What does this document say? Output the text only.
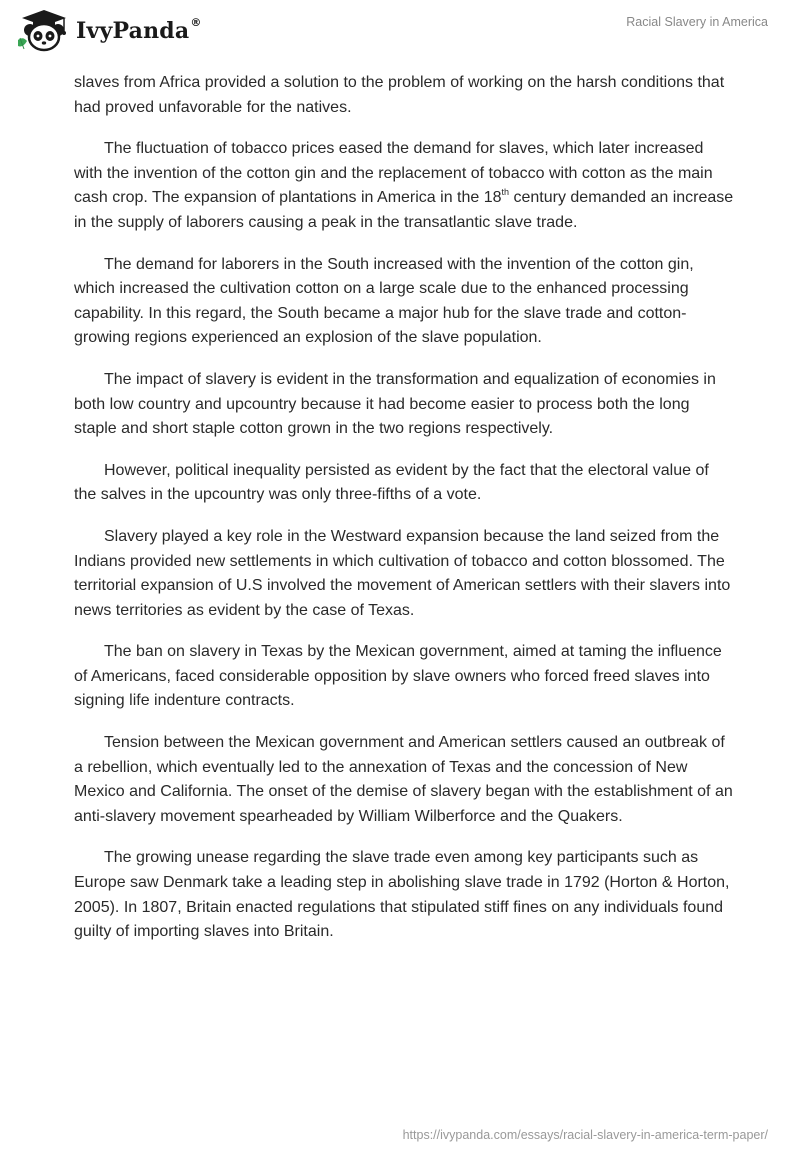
IvyPanda®	Racial Slavery in America

slaves from Africa provided a solution to the problem of working on the harsh conditions that had proved unfavorable for the natives.

The fluctuation of tobacco prices eased the demand for slaves, which later increased with the invention of the cotton gin and the replacement of tobacco with cotton as the main cash crop. The expansion of plantations in America in the 18th century demanded an increase in the supply of laborers causing a peak in the transatlantic slave trade.

The demand for laborers in the South increased with the invention of the cotton gin, which increased the cultivation cotton on a large scale due to the enhanced processing capability. In this regard, the South became a major hub for the slave trade and cotton-growing regions experienced an explosion of the slave population.

The impact of slavery is evident in the transformation and equalization of economies in both low country and upcountry because it had become easier to process both the long staple and short staple cotton grown in the two regions respectively.

However, political inequality persisted as evident by the fact that the electoral value of the salves in the upcountry was only three-fifths of a vote.

Slavery played a key role in the Westward expansion because the land seized from the Indians provided new settlements in which cultivation of tobacco and cotton blossomed. The territorial expansion of U.S involved the movement of American settlers with their slavers into news territories as evident by the case of Texas.

The ban on slavery in Texas by the Mexican government, aimed at taming the influence of Americans, faced considerable opposition by slave owners who forced freed slaves into signing life indenture contracts.

Tension between the Mexican government and American settlers caused an outbreak of a rebellion, which eventually led to the annexation of Texas and the concession of New Mexico and California. The onset of the demise of slavery began with the establishment of an anti-slavery movement spearheaded by William Wilberforce and the Quakers.

The growing unease regarding the slave trade even among key participants such as Europe saw Denmark take a leading step in abolishing slave trade in 1792 (Horton & Horton, 2005). In 1807, Britain enacted regulations that stipulated stiff fines on any individuals found guilty of importing slaves into Britain.

https://ivypanda.com/essays/racial-slavery-in-america-term-paper/
